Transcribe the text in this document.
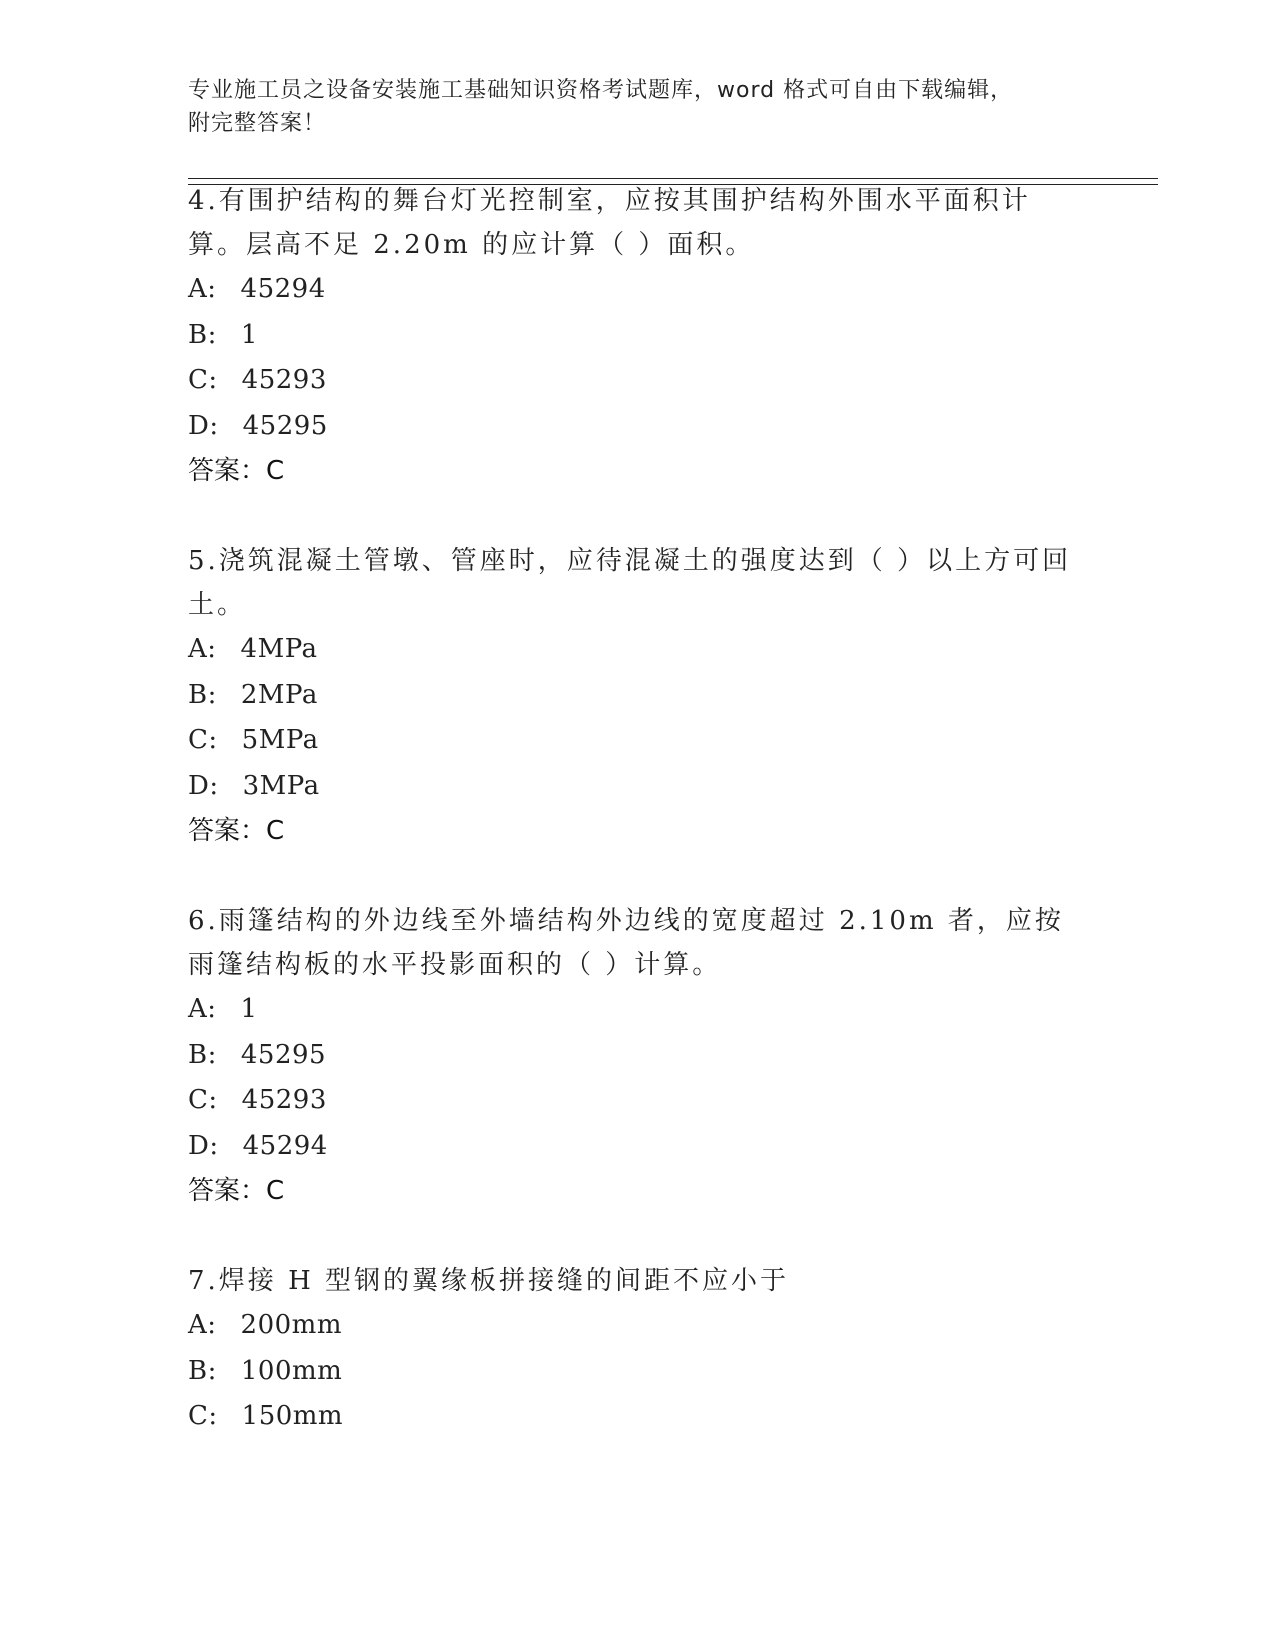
专业施工员之设备安装施工基础知识资格考试题库，word 格式可自由下载编辑，
附完整答案！

4.有围护结构的舞台灯光控制室，应按其围护结构外围水平面积计算。层高不足 2.20m 的应计算（ ）面积。

A: 45294

B: 1

C: 45293

D: 45295

答案：C

5.浇筑混凝土管墩、管座时，应待混凝土的强度达到（ ）以上方可回土。

A: 4MPa

B: 2MPa

C: 5MPa

D: 3MPa

答案：C

6.雨篷结构的外边线至外墙结构外边线的宽度超过 2.10m 者，应按雨篷结构板的水平投影面积的（ ）计算。

A: 1

B: 45295

C: 45293

D: 45294

答案：C

7.焊接 H 型钢的翼缘板拼接缝的间距不应小于

A: 200mm

B: 100mm

C: 150mm
